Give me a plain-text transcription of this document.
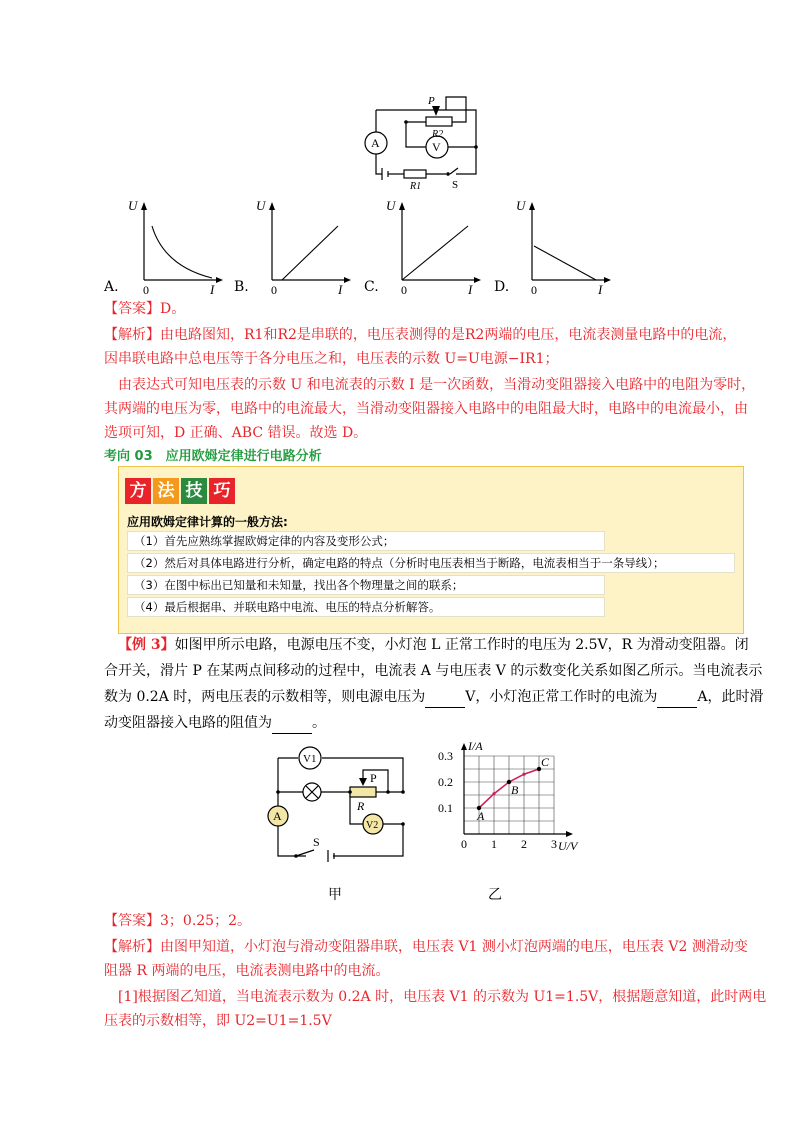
P
R2
A	V
R1	S
A.
U
I
0	B.
U
I
0	C.
U
I
0	D.
U
I
0
【答案】D。
【解析】由电路图知，R1和R2是串联的，电压表测得的是R2两端的电压，电流表测量电路中的电流，
因串联电路中总电压等于各分电压之和，电压表的示数 U=U电源−IR1；
由表达式可知电压表的示数 U 和电流表的示数 I 是一次函数，当滑动变阻器接入电路中的电阻为零时，
其两端的电压为零，电路中的电流最大，当滑动变阻器接入电路中的电阻最大时，电路中的电流最小，由
选项可知，D 正确、ABC 错误。故选 D。
考向 03　应用欧姆定律进行电路分析
方 法 技 巧
应用欧姆定律计算的一般方法:
（1）首先应熟练掌握欧姆定律的内容及变形公式；
（2）然后对具体电路进行分析，确定电路的特点（分析时电压表相当于断路，电流表相当于一条导线）；
（3）在图中标出已知量和未知量，找出各个物理量之间的联系；
（4）最后根据串、并联电路中电流、电压的特点分析解答。
【例 3】如图甲所示电路，电源电压不变，小灯泡 L 正常工作时的电压为 2.5V，R 为滑动变阻器。闭
合开关，滑片 P 在某两点间移动的过程中，电流表 A 与电压表 V 的示数变化关系如图乙所示。当电流表示
数为 0.2A 时，两电压表的示数相等，则电源电压为	V，小灯泡正常工作时的电流为	A，此时滑
动变阻器接入电路的阻值为	。
V1
V2
A
P
R
S
甲
0 1 2 3
0.1
0.2
0.3
I/A
U/V
A
B
C
乙
【答案】3；0.25；2。
【解析】由图甲知道，小灯泡与滑动变阻器串联，电压表 V1 测小灯泡两端的电压，电压表 V2 测滑动变
阻器 R 两端的电压，电流表测电路中的电流。
[1]根据图乙知道，当电流表示数为 0.2A 时，电压表 V1 的示数为 U1=1.5V，根据题意知道，此时两电
压表的示数相等，即 U2=U1=1.5V
